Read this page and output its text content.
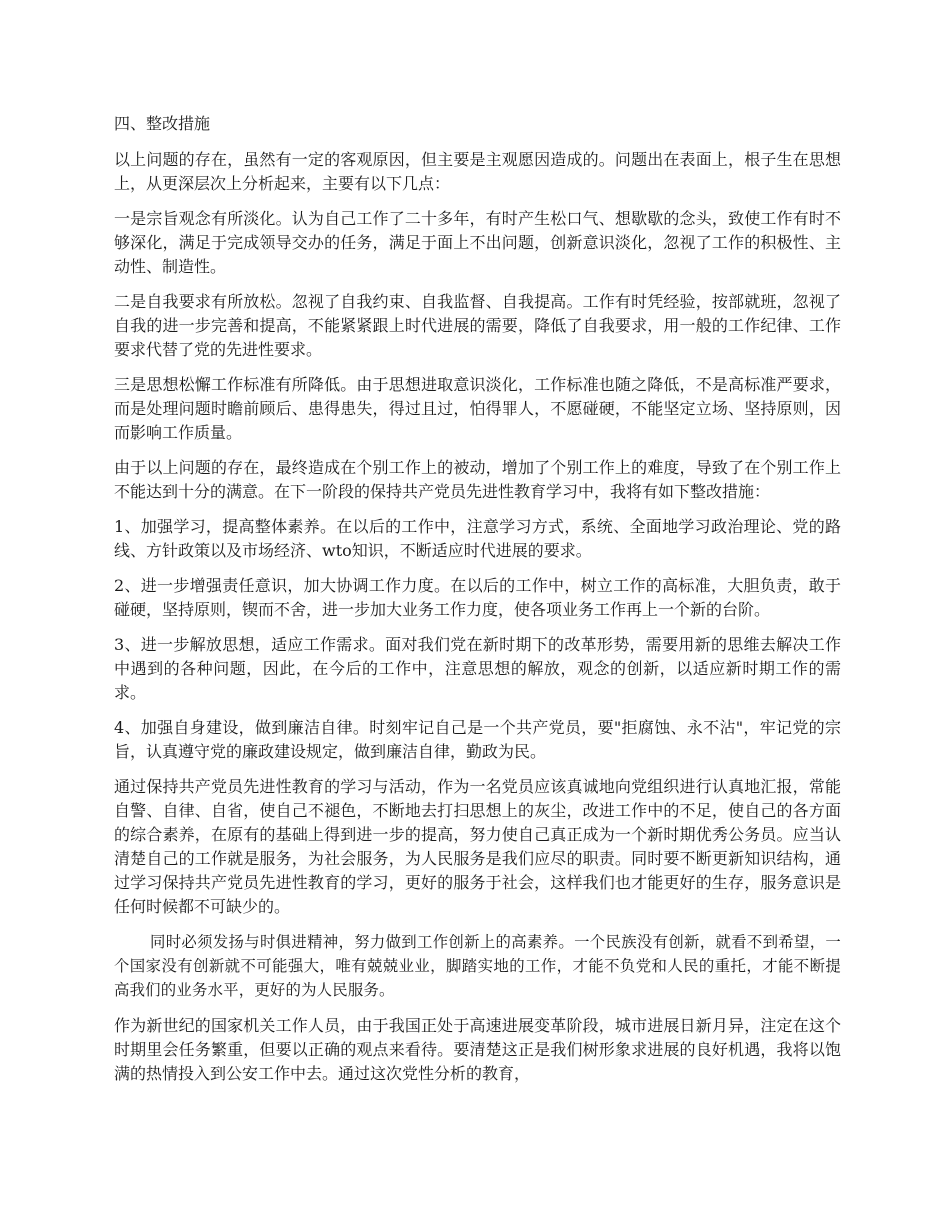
四、整改措施

以上问题的存在，虽然有一定的客观原因，但主要是主观愿因造成的。问题出在表面上，根子生在思想上，从更深层次上分析起来，主要有以下几点：

一是宗旨观念有所淡化。认为自己工作了二十多年，有时产生松口气、想歇歇的念头，致使工作有时不够深化，满足于完成领导交办的任务，满足于面上不出问题，创新意识淡化，忽视了工作的积极性、主动性、制造性。

二是自我要求有所放松。忽视了自我约束、自我监督、自我提高。工作有时凭经验，按部就班，忽视了自我的进一步完善和提高，不能紧紧跟上时代进展的需要，降低了自我要求，用一般的工作纪律、工作要求代替了党的先进性要求。

三是思想松懈工作标准有所降低。由于思想进取意识淡化，工作标准也随之降低，不是高标准严要求，而是处理问题时瞻前顾后、患得患失，得过且过，怕得罪人，不愿碰硬，不能坚定立场、坚持原则，因而影响工作质量。

由于以上问题的存在，最终造成在个别工作上的被动，增加了个别工作上的难度，导致了在个别工作上不能达到十分的满意。在下一阶段的保持共产党员先进性教育学习中，我将有如下整改措施：

1、加强学习，提高整体素养。在以后的工作中，注意学习方式，系统、全面地学习政治理论、党的路线、方针政策以及市场经济、wto知识，不断适应时代进展的要求。

2、进一步增强责任意识，加大协调工作力度。在以后的工作中，树立工作的高标准，大胆负责，敢于碰硬，坚持原则，锲而不舍，进一步加大业务工作力度，使各项业务工作再上一个新的台阶。

3、进一步解放思想，适应工作需求。面对我们党在新时期下的改革形势，需要用新的思维去解决工作中遇到的各种问题，因此，在今后的工作中，注意思想的解放，观念的创新，以适应新时期工作的需求。

4、加强自身建设，做到廉洁自律。时刻牢记自己是一个共产党员，要"拒腐蚀、永不沾"，牢记党的宗旨，认真遵守党的廉政建设规定，做到廉洁自律，勤政为民。

通过保持共产党员先进性教育的学习与活动，作为一名党员应该真诚地向党组织进行认真地汇报，常能自警、自律、自省，使自己不褪色，不断地去打扫思想上的灰尘，改进工作中的不足，使自己的各方面的综合素养，在原有的基础上得到进一步的提高，努力使自己真正成为一个新时期优秀公务员。应当认清楚自己的工作就是服务，为社会服务，为人民服务是我们应尽的职责。同时要不断更新知识结构，通过学习保持共产党员先进性教育的学习，更好的服务于社会，这样我们也才能更好的生存，服务意识是任何时候都不可缺少的。

同时必须发扬与时俱进精神，努力做到工作创新上的高素养。一个民族没有创新，就看不到希望，一个国家没有创新就不可能强大，唯有兢兢业业，脚踏实地的工作，才能不负党和人民的重托，才能不断提高我们的业务水平，更好的为人民服务。

作为新世纪的国家机关工作人员，由于我国正处于高速进展变革阶段，城市进展日新月异，注定在这个时期里会任务繁重，但要以正确的观点来看待。要清楚这正是我们树形象求进展的良好机遇，我将以饱满的热情投入到公安工作中去。通过这次党性分析的教育，
